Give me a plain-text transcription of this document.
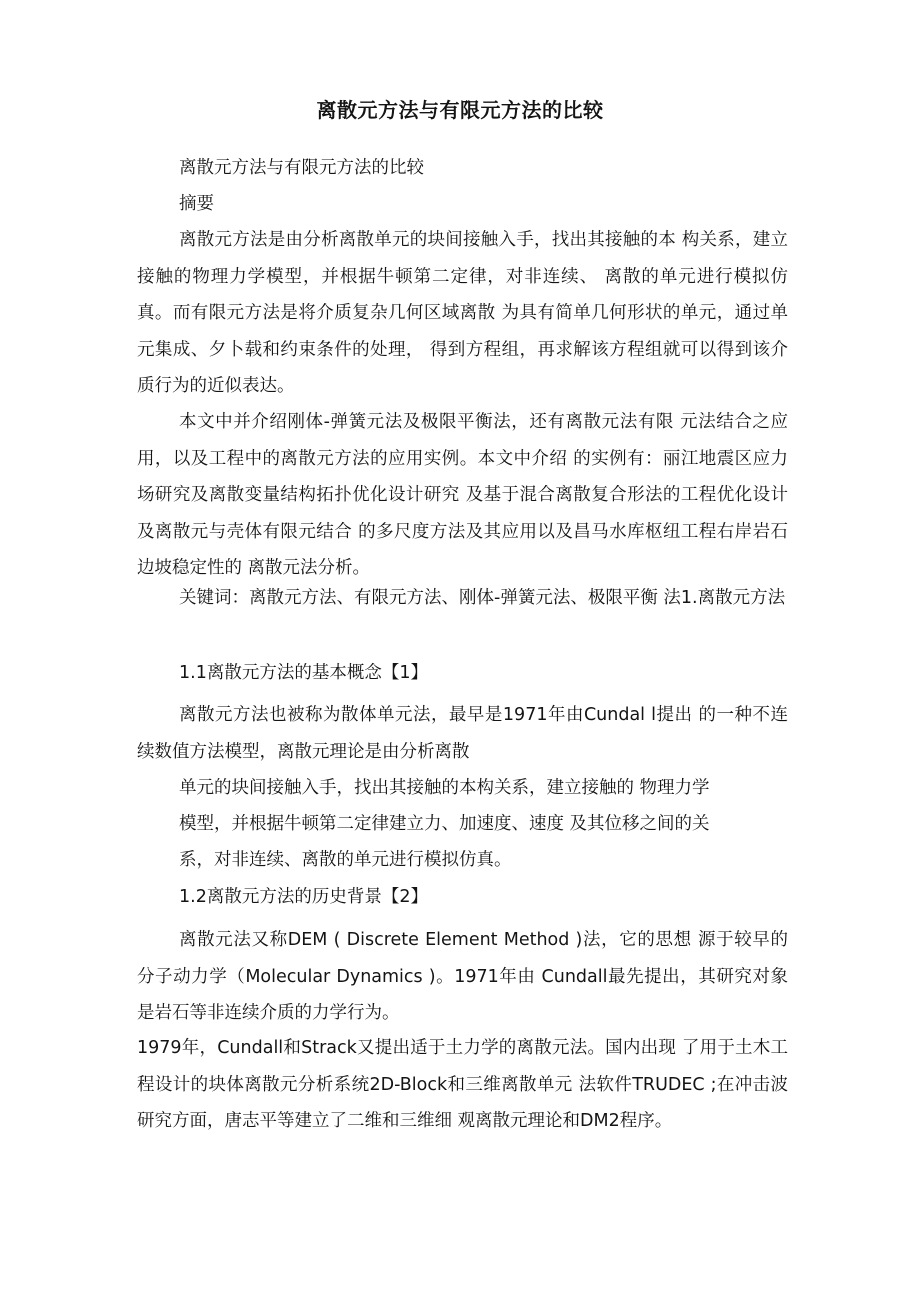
离散元方法与有限元方法的比较

离散元方法与有限元方法的比较

摘要

离散元方法是由分析离散单元的块间接触入手，找出其接触的本 构关系，建立接触的物理力学模型，并根据牛顿第二定律，对非连续、 离散的单元进行模拟仿真。而有限元方法是将介质复杂几何区域离散 为具有简单几何形状的单元，通过单元集成、夕卜载和约束条件的处理， 得到方程组，再求解该方程组就可以得到该介质行为的近似表达。

本文中并介绍刚体-弹簧元法及极限平衡法，还有离散元法有限 元法结合之应用，以及工程中的离散元方法的应用实例。本文中介绍 的实例有：丽江地震区应力场研究及离散变量结构拓扑优化设计研究 及基于混合离散复合形法的工程优化设计及离散元与壳体有限元结合 的多尺度方法及其应用以及昌马水库枢纽工程右岸岩石边坡稳定性的 离散元法分析。

关键词：离散元方法、有限元方法、刚体-弹簧元法、极限平衡 法1.离散元方法

1.1离散元方法的基本概念【1】

离散元方法也被称为散体单元法，最早是1971年由Cundal l提出 的一种不连续数值方法模型，离散元理论是由分析离散

单元的块间接触入手，找出其接触的本构关系，建立接触的 物理力学
模型，并根据牛顿第二定律建立力、加速度、速度 及其位移之间的关
系，对非连续、离散的单元进行模拟仿真。

1.2离散元方法的历史背景【2】

离散元法又称DEM ( Discrete Element Method )法，它的思想 源于较早的分子动力学（Molecular Dynamics )。1971年由 Cundall最先提出，其研究对象是岩石等非连续介质的力学行为。

1979年，Cundall和Strack又提出适于土力学的离散元法。国内出现 了用于土木工程设计的块体离散元分析系统2D-Block和三维离散单元 法软件TRUDEC ;在冲击波研究方面，唐志平等建立了二维和三维细 观离散元理论和DM2程序。
